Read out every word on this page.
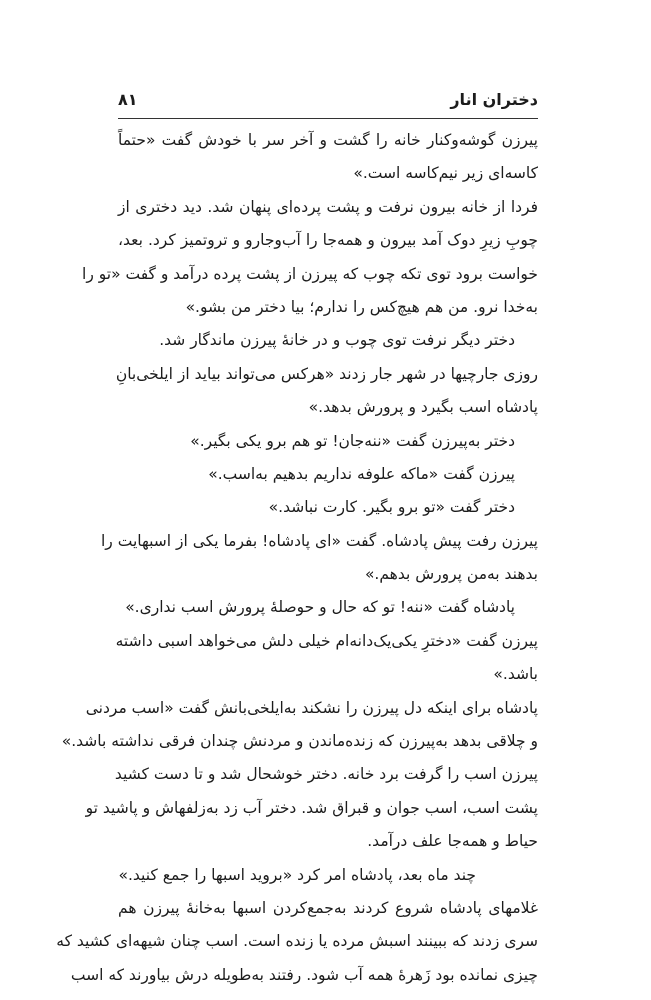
دختران انار
۸۱
پیرزن گوشه‌وکنار خانه را گشت و آخر سر با خودش گفت «حتماً
کاسه‌ای زیر نیم‌کاسه است.»
فردا از خانه بیرون نرفت و پشت پرده‌ای پنهان شد. دید دختری از
چوبِ زیرِ دوک آمد بیرون و همه‌جا را آب‌وجارو و تروتمیز کرد. بعد،
خواست برود توی تکه چوب که پیرزن از پشت پرده درآمد و گفت «تو را
به‌خدا نرو. من هم هیچ‌کس را ندارم؛ بیا دختر من بشو.»
دختر دیگر نرفت توی چوب و در خانهٔ پیرزن ماندگار شد.
روزی جارچیها در شهر جار زدند «هرکس می‌تواند بیاید از ایلخی‌بانِ
پادشاه اسب بگیرد و پرورش بدهد.»
دختر به‌پیرزن گفت «ننه‌جان! تو هم برو یکی بگیر.»
پیرزن گفت «ماکه علوفه نداریم بدهیم به‌اسب.»
دختر گفت «تو برو بگیر. کارت نباشد.»
پیرزن رفت پیش پادشاه. گفت «ای پادشاه! بفرما یکی از اسبهایت را
بدهند به‌من پرورش بدهم.»
پادشاه گفت «ننه! تو که حال و حوصلهٔ پرورش اسب نداری.»
پیرزن گفت «دخترِ یکی‌یک‌دانه‌ام خیلی دلش می‌خواهد اسبی داشته
باشد.»
پادشاه برای اینکه دل پیرزن را نشکند به‌ایلخی‌بانش گفت «اسب مردنی
و چلاقی بدهد به‌پیرزن که زنده‌ماندن و مردنش چندان فرقی نداشته باشد.»
پیرزن اسب را گرفت برد خانه. دختر خوشحال شد و تا دست کشید
پشت اسب، اسب جوان و قبراق شد. دختر آب زد به‌زلفهاش و پاشید تو
حیاط و همه‌جا علف درآمد.
چند ماه بعد، پادشاه امر کرد «بروید اسبها را جمع کنید.»
غلامهای پادشاه شروع کردند به‌جمع‌کردن اسبها به‌خانهٔ پیرزن هم
سری زدند که ببینند اسبش مرده یا زنده است. اسب چنان شیهه‌ای کشید که
چیزی نمانده بود زَهرهٔ همه آب شود. رفتند به‌طویله درش بیاورند که اسب
